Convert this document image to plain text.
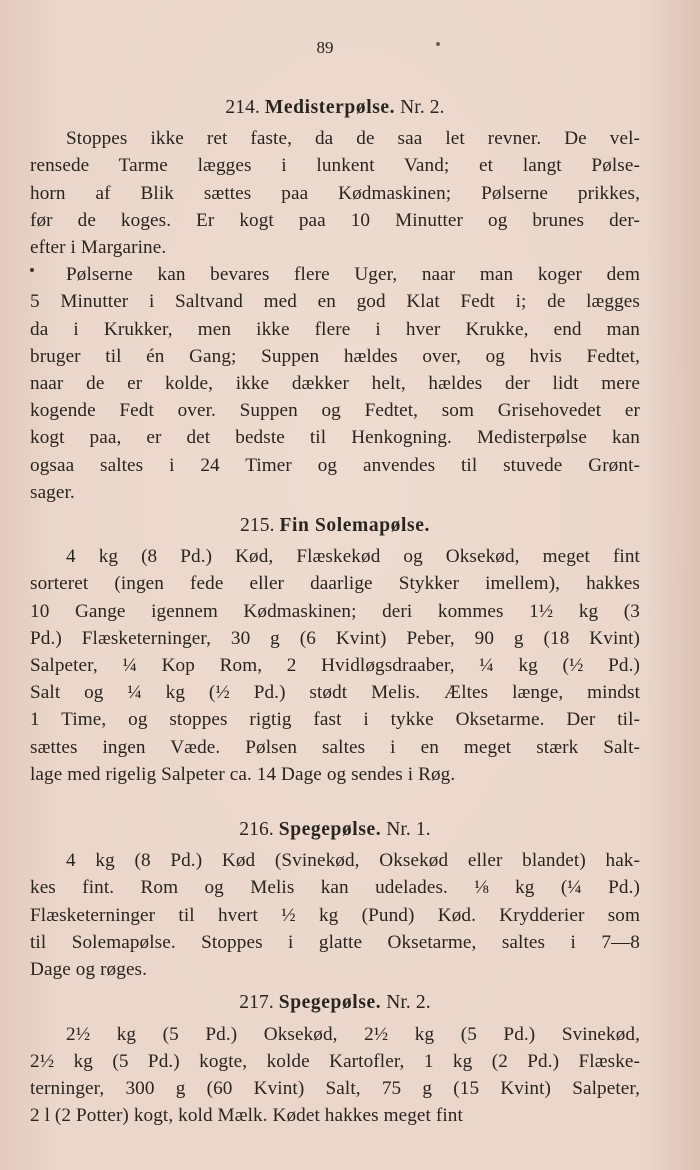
89
214. Medisterpølse. Nr. 2.
Stoppes ikke ret faste, da de saa let revner. De vel-
rensede Tarme lægges i lunkent Vand; et langt Pølse-
horn af Blik sættes paa Kødmaskinen; Pølserne prikkes,
før de koges. Er kogt paa 10 Minutter og brunes der-
efter i Margarine.
Pølserne kan bevares flere Uger, naar man koger dem
5 Minutter i Saltvand med en god Klat Fedt i; de lægges
da i Krukker, men ikke flere i hver Krukke, end man
bruger til én Gang; Suppen hældes over, og hvis Fedtet,
naar de er kolde, ikke dækker helt, hældes der lidt mere
kogende Fedt over. Suppen og Fedtet, som Grisehovedet er
kogt paa, er det bedste til Henkogning. Medisterpølse kan
ogsaa saltes i 24 Timer og anvendes til stuvede Grønt-
sager.
215. Fin Solemapølse.
4 kg (8 Pd.) Kød, Flæskekød og Oksekød, meget fint
sorteret (ingen fede eller daarlige Stykker imellem), hakkes
10 Gange igennem Kødmaskinen; deri kommes 1½ kg (3
Pd.) Flæsketerninger, 30 g (6 Kvint) Peber, 90 g (18 Kvint)
Salpeter, ¼ Kop Rom, 2 Hvidløgsdraaber, ¼ kg (½ Pd.)
Salt og ¼ kg (½ Pd.) stødt Melis. Æltes længe, mindst
1 Time, og stoppes rigtig fast i tykke Oksetarme. Der til-
sættes ingen Væde. Pølsen saltes i en meget stærk Salt-
lage med rigelig Salpeter ca. 14 Dage og sendes i Røg.
216. Spegepølse. Nr. 1.
4 kg (8 Pd.) Kød (Svinekød, Oksekød eller blandet) hak-
kes fint. Rom og Melis kan udelades. ⅛ kg (¼ Pd.)
Flæsketerninger til hvert ½ kg (Pund) Kød. Krydderier som
til Solemapølse. Stoppes i glatte Oksetarme, saltes i 7—8
Dage og røges.
217. Spegepølse. Nr. 2.
2½ kg (5 Pd.) Oksekød, 2½ kg (5 Pd.) Svinekød,
2½ kg (5 Pd.) kogte, kolde Kartofler, 1 kg (2 Pd.) Flæske-
terninger, 300 g (60 Kvint) Salt, 75 g (15 Kvint) Salpeter,
2 l (2 Potter) kogt, kold Mælk. Kødet hakkes meget fint
